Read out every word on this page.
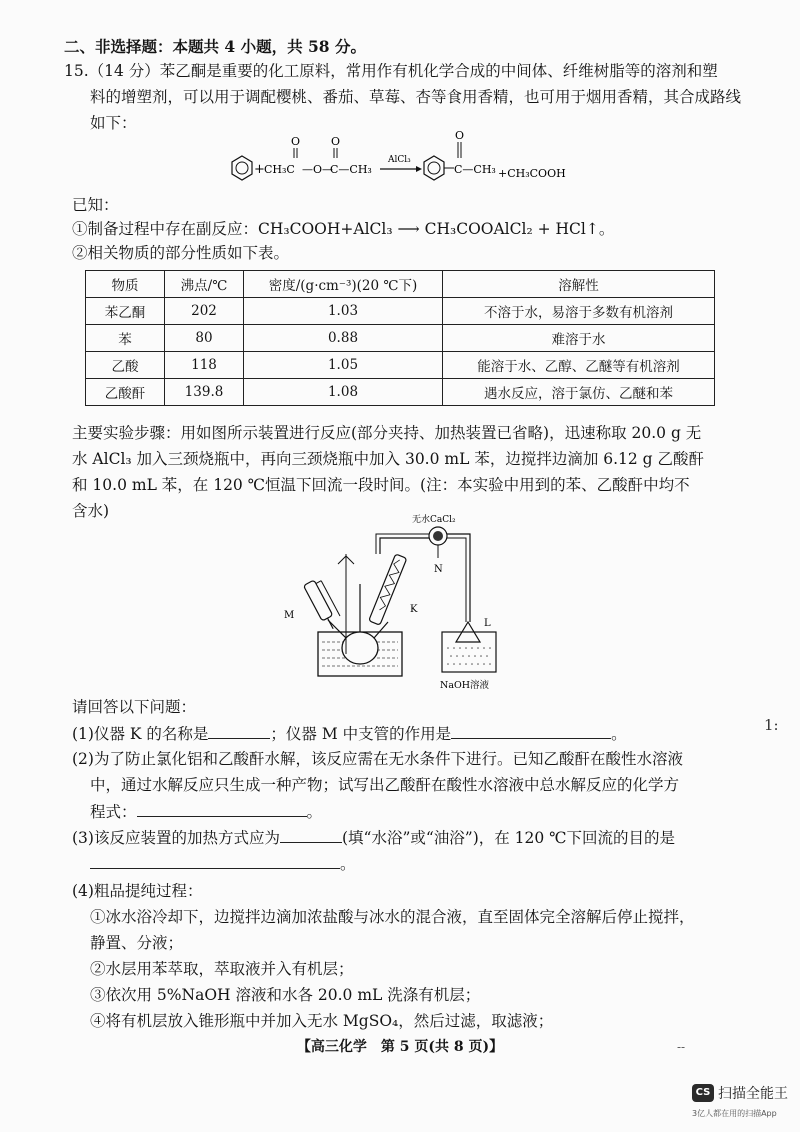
二、非选择题：本题共 4 小题，共 58 分。
15.（14 分）苯乙酮是重要的化工原料，常用作有机化学合成的中间体、纤维树脂等的溶剂和塑
料的增塑剂，可以用于调配樱桃、番茄、草莓、杏等食用香精，也可用于烟用香精，其合成路线
如下：
+ CH₃C
O
—O—
O
C—CH₃
AlCl₃
O
C—CH₃ +CH₃COOH
已知：
①制备过程中存在副反应：CH₃COOH+AlCl₃ ⟶ CH₃COOAlCl₂ + HCl↑。
②相关物质的部分性质如下表。
物质	沸点/℃	密度/(g·cm⁻³)(20 ℃下)	溶解性
苯乙酮	202	1.03	不溶于水，易溶于多数有机溶剂
苯	80	0.88	难溶于水
乙酸	118	1.05	能溶于水、乙醇、乙醚等有机溶剂
乙酸酐	139.8	1.08	遇水反应，溶于氯仿、乙醚和苯
主要实验步骤：用如图所示装置进行反应(部分夹持、加热装置已省略)，迅速称取 20.0 g 无
水 AlCl₃ 加入三颈烧瓶中，再向三颈烧瓶中加入 30.0 mL 苯，边搅拌边滴加 6.12 g 乙酸酐
和 10.0 mL 苯，在 120 ℃恒温下回流一段时间。(注：本实验中用到的苯、乙酸酐中均不
含水)
M
K
无水CaCl₂
N
L
NaOH溶液
请回答以下问题：
(1)仪器 K 的名称是	；仪器 M 中支管的作用是	。
(2)为了防止氯化铝和乙酸酐水解，该反应需在无水条件下进行。已知乙酸酐在酸性水溶液
中，通过水解反应只生成一种产物；试写出乙酸酐在酸性水溶液中总水解反应的化学方
程式：	。
(3)该反应装置的加热方式应为	(填“水浴”或“油浴”)，在 120 ℃下回流的目的是
。
(4)粗品提纯过程：
①冰水浴冷却下，边搅拌边滴加浓盐酸与冰水的混合液，直至固体完全溶解后停止搅拌，
静置、分液；
②水层用苯萃取，萃取液并入有机层；
③依次用 5%NaOH 溶液和水各 20.0 mL 洗涤有机层；
④将有机层放入锥形瓶中并加入无水 MgSO₄，然后过滤，取滤液；
【高三化学　第 5 页(共 8 页)】	--
1:
CS 扫描全能王
3亿人都在用的扫描App
